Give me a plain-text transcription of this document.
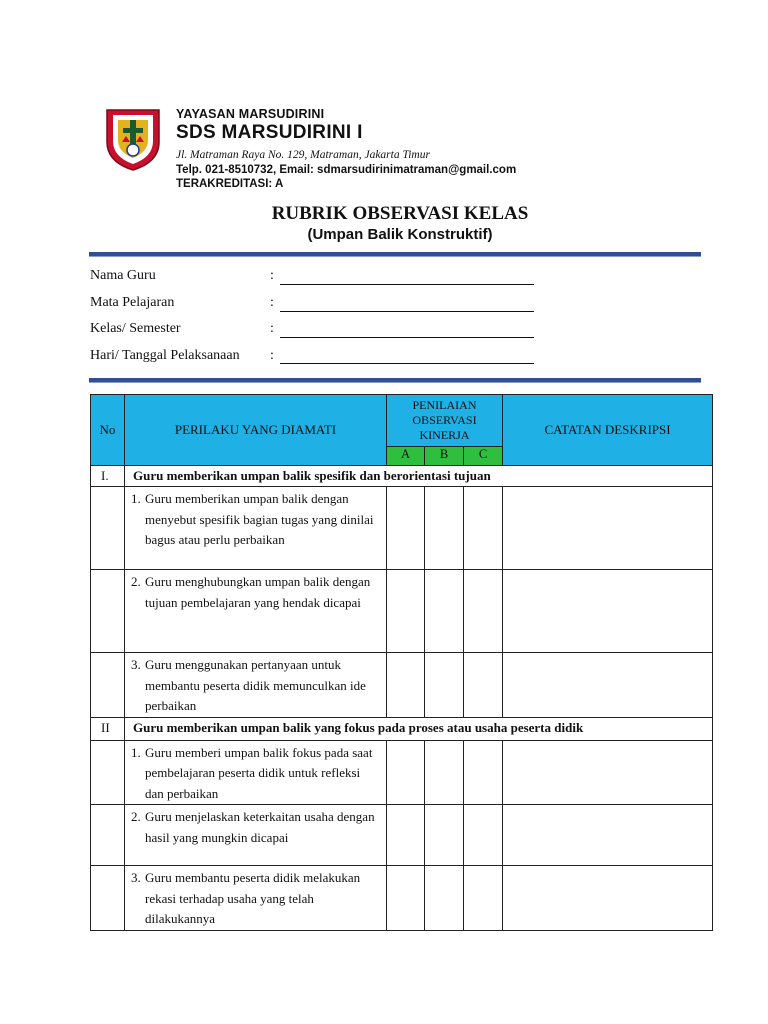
YAYASAN MARSUDIRINI
SDS MARSUDIRINI I
Jl. Matraman Raya No. 129, Matraman, Jakarta Timur
Telp. 021-8510732, Email: sdmarsudirinimatraman@gmail.com
TERAKREDITASI: A
RUBRIK OBSERVASI KELAS
(Umpan Balik Konstruktif)
Nama Guru	:
Mata Pelajaran	:
Kelas/ Semester	:
Hari/ Tanggal Pelaksanaan :
No	PERILAKU YANG DIAMATI	PENILAIAN OBSERVASI KINERJA			CATATAN DESKRIPSI
		A	B	C	
I.	Guru memberikan umpan balik spesifik dan berorientasi tujuan				
	1. Guru memberikan umpan balik dengan menyebut spesifik bagian tugas yang dinilai bagus atau perlu perbaikan				
	2. Guru menghubungkan umpan balik dengan tujuan pembelajaran yang hendak dicapai				
	3. Guru menggunakan pertanyaan untuk membantu peserta didik memunculkan ide perbaikan				
II	Guru memberikan umpan balik yang fokus pada proses atau usaha peserta didik				
	1. Guru memberi umpan balik fokus pada saat pembelajaran peserta didik untuk refleksi dan perbaikan				
	2. Guru menjelaskan keterkaitan usaha dengan hasil yang mungkin dicapai				
	3. Guru membantu peserta didik melakukan rekasi terhadap usaha yang telah dilakukannya				
